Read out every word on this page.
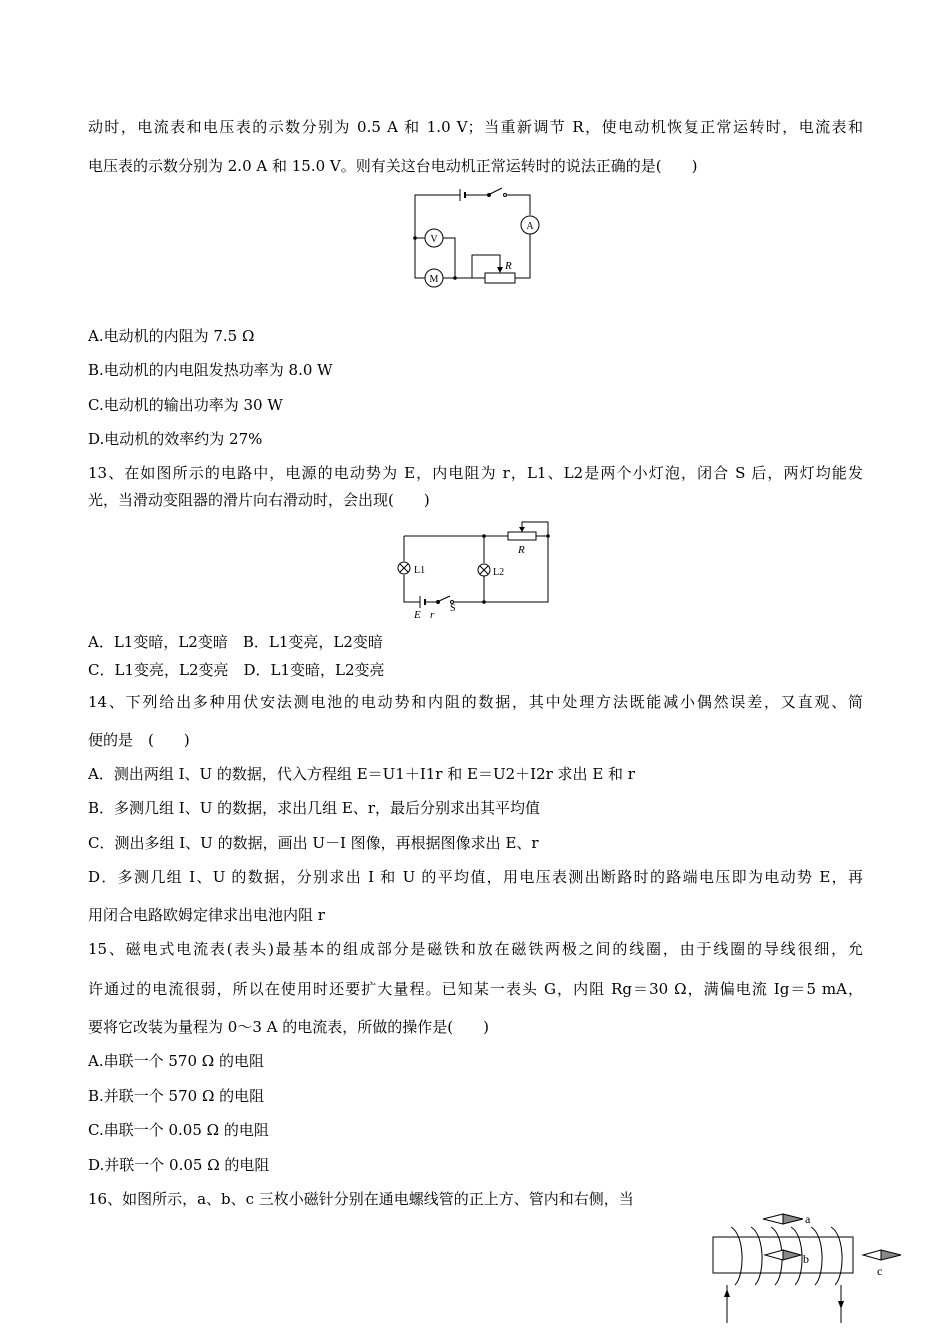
动时，电流表和电压表的示数分别为 0.5 A 和 1.0 V；当重新调节 R，使电动机恢复正常运转时，电流表和
电压表的示数分别为 2.0 A 和 15.0 V。则有关这台电动机正常运转时的说法正确的是(　　)
A
V
M
R
A.电动机的内阻为 7.5 Ω
B.电动机的内电阻发热功率为 8.0 W
C.电动机的输出功率为 30 W
D.电动机的效率约为 27%
13、在如图所示的电路中，电源的电动势为 E，内电阻为 r，L1、L2是两个小灯泡，闭合 S 后，两灯均能发
光，当滑动变阻器的滑片向右滑动时，会出现(　　)
R
L1	L2
E r
S
A．L1变暗，L2变暗　B．L1变亮，L2变暗
C．L1变亮，L2变亮　D．L1变暗，L2变亮
14、下列给出多种用伏安法测电池的电动势和内阻的数据，其中处理方法既能减小偶然误差，又直观、简
便的是　(　　)
A．测出两组 I、U 的数据，代入方程组 E＝U1＋I1r 和 E＝U2＋I2r 求出 E 和 r
B．多测几组 I、U 的数据，求出几组 E、r，最后分别求出其平均值
C．测出多组 I、U 的数据，画出 U－I 图像，再根据图像求出 E、r
D．多测几组 I、U 的数据，分别求出 I 和 U 的平均值，用电压表测出断路时的路端电压即为电动势 E，再
用闭合电路欧姆定律求出电池内阻 r
15、磁电式电流表(表头)最基本的组成部分是磁铁和放在磁铁两极之间的线圈，由于线圈的导线很细，允
许通过的电流很弱，所以在使用时还要扩大量程。已知某一表头 G，内阻 Rg＝30 Ω，满偏电流 Ig＝5 mA，
要将它改装为量程为 0～3 A 的电流表，所做的操作是(　　)
A.串联一个 570 Ω 的电阻
B.并联一个 570 Ω 的电阻
C.串联一个 0.05 Ω 的电阻
D.并联一个 0.05 Ω 的电阻
16、如图所示，a、b、c 三枚小磁针分别在通电螺线管的正上方、管内和右侧，当
a
b
c
